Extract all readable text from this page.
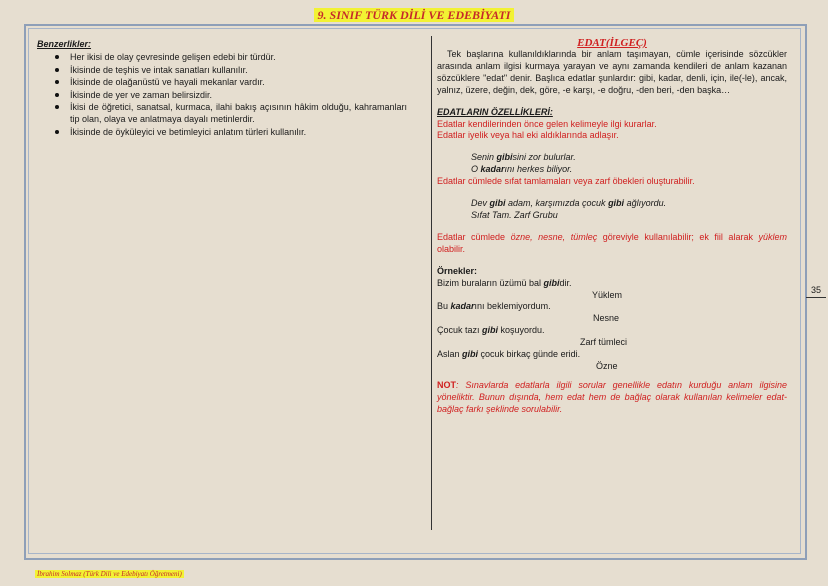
9. SINIF TÜRK DİLİ VE EDEBİYATI
Benzerlikler:
Her ikisi de olay çevresinde gelişen edebi bir türdür.
İkisinde de teşhis ve intak sanatları kullanılır.
İkisinde de olağanüstü ve hayali mekanlar vardır.
İkisinde de yer ve zaman belirsizdir.
İkisi de öğretici, sanatsal, kurmaca, ilahi bakış açısının hâkim olduğu, kahramanları tip olan, olaya ve anlatmaya dayalı metinlerdir.
İkisinde de öyküleyici ve betimleyici anlatım türleri kullanılır.

EDAT(İLGEÇ)

Tek başlarına kullanıldıklarında bir anlam taşımayan, cümle içerisinde sözcükler arasında anlam ilgisi kurmaya yarayan ve aynı zamanda kendileri de anlam kazanan sözcüklere "edat" denir. Başlıca edatlar şunlardır: gibi, kadar, denli, için, ile(-le), ancak, yalnız, üzere, değin, dek, göre, -e karşı, -e doğru, -den beri, -den başka…

EDATLARIN ÖZELLİKLERİ:

Edatlar kendilerinden önce gelen kelimeyle ilgi kurarlar.

Edatlar iyelik veya hal eki aldıklarında adlaşır.

Senin gibisini zor bulurlar.

O kadarını herkes biliyor.

Edatlar cümlede sıfat tamlamaları veya zarf öbekleri oluşturabilir.

Dev gibi adam, karşımızda çocuk gibi ağlıyordu.

Sıfat Tam. Zarf Grubu

Edatlar cümlede özne, nesne, tümleç göreviyle kullanılabilir; ek fiil alarak yüklem olabilir.

Örnekler:

Bizim buraların üzümü bal gibidir.

Yüklem

Bu kadarını beklemiyordum.

Nesne

Çocuk tazı gibi koşuyordu.

Zarf tümleci

Aslan gibi çocuk birkaç günde eridi.

Özne

NOT: Sınavlarda edatlarla ilgili sorular genellikle edatın kurduğu anlam ilgisine yöneliktir. Bunun dışında, hem edat hem de bağlaç olarak kullanılan kelimeler edat-bağlaç farkı şeklinde sorulabilir.

35
İbrahim Solmaz (Türk Dili ve Edebiyatı Öğretmeni)
